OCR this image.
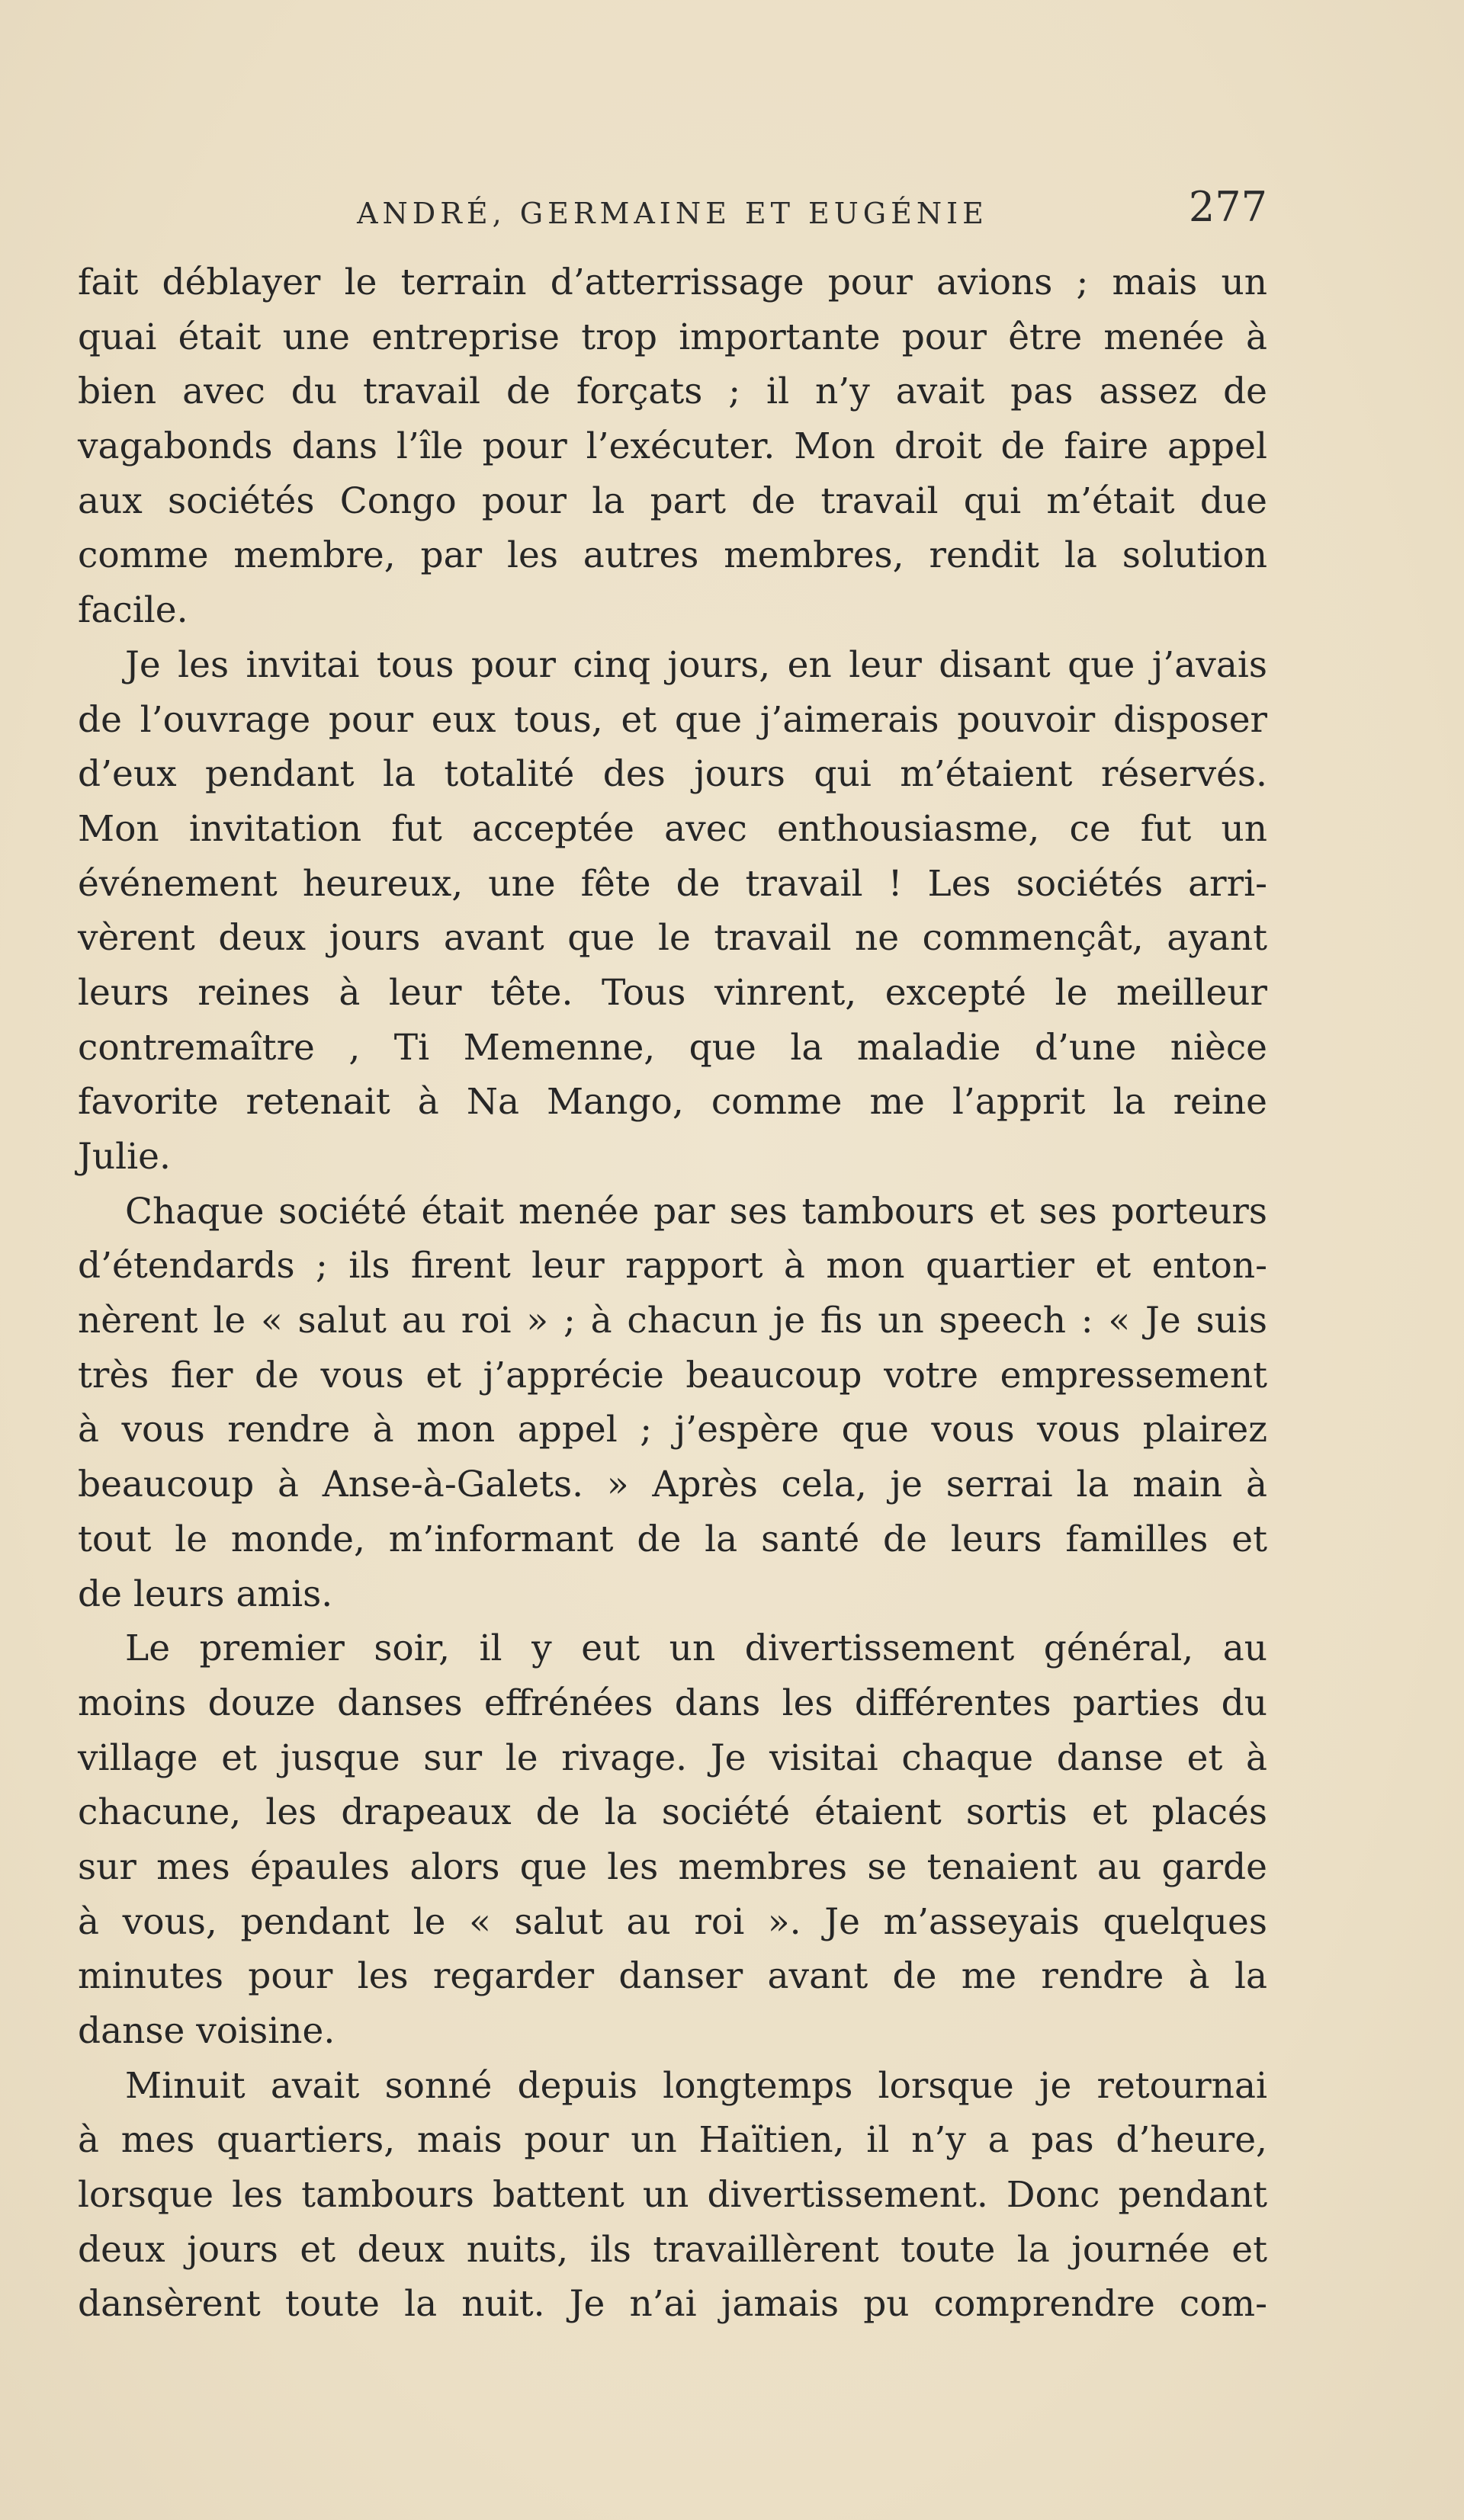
ANDRÉ, GERMAINE ET EUGÉNIE	277
fait déblayer le terrain d’atterrissage pour avions ; mais un
quai était une entreprise trop importante pour être menée à
bien avec du travail de forçats ; il n’y avait pas assez de
vagabonds dans l’île pour l’exécuter. Mon droit de faire appel
aux sociétés Congo pour la part de travail qui m’était due
comme membre, par les autres membres, rendit la solution
facile.
Je les invitai tous pour cinq jours, en leur disant que j’avais
de l’ouvrage pour eux tous, et que j’aimerais pouvoir disposer
d’eux pendant la totalité des jours qui m’étaient réservés.
Mon invitation fut acceptée avec enthousiasme, ce fut un
événement heureux, une fête de travail ! Les sociétés arri-
vèrent deux jours avant que le travail ne commençât, ayant
leurs reines à leur tête. Tous vinrent, excepté le meilleur
contremaître , Ti Memenne, que la maladie d’une nièce
favorite retenait à Na Mango, comme me l’apprit la reine
Julie.
Chaque société était menée par ses tambours et ses porteurs
d’étendards ; ils firent leur rapport à mon quartier et enton-
nèrent le « salut au roi » ; à chacun je fis un speech : « Je suis
très fier de vous et j’apprécie beaucoup votre empressement
à vous rendre à mon appel ; j’espère que vous vous plairez
beaucoup à Anse-à-Galets. » Après cela, je serrai la main à
tout le monde, m’informant de la santé de leurs familles et
de leurs amis.
Le premier soir, il y eut un divertissement général, au
moins douze danses effrénées dans les différentes parties du
village et jusque sur le rivage. Je visitai chaque danse et à
chacune, les drapeaux de la société étaient sortis et placés
sur mes épaules alors que les membres se tenaient au garde
à vous, pendant le « salut au roi ». Je m’asseyais quelques
minutes pour les regarder danser avant de me rendre à la
danse voisine.
Minuit avait sonné depuis longtemps lorsque je retournai
à mes quartiers, mais pour un Haïtien, il n’y a pas d’heure,
lorsque les tambours battent un divertissement. Donc pendant
deux jours et deux nuits, ils travaillèrent toute la journée et
dansèrent toute la nuit. Je n’ai jamais pu comprendre com-
